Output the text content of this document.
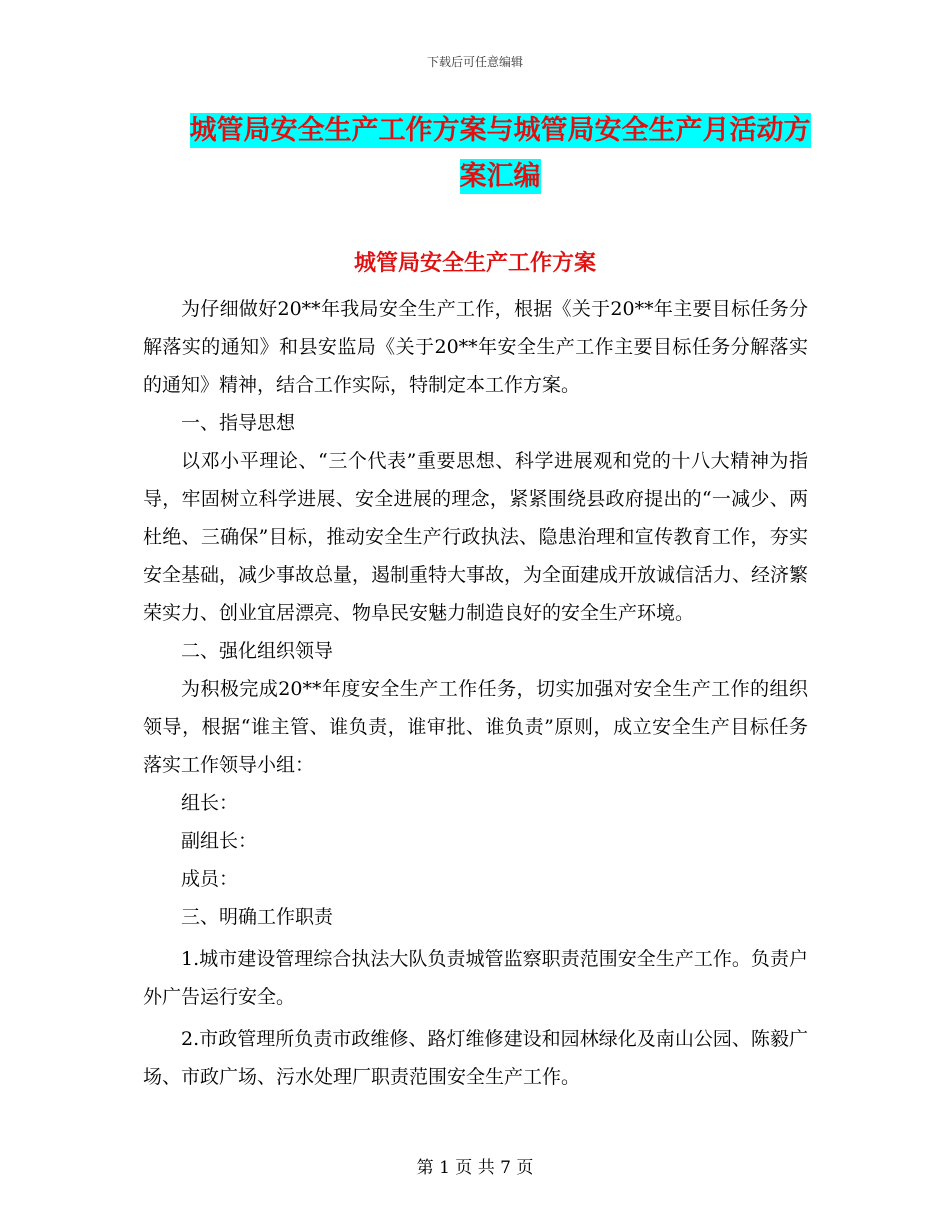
下载后可任意编辑
城管局安全生产工作方案与城管局安全生产月活动方
案汇编
城管局安全生产工作方案

为仔细做好20**年我局安全生产工作，根据《关于20**年主要目标任务分解落实的通知》和县安监局《关于20**年安全生产工作主要目标任务分解落实的通知》精神，结合工作实际，特制定本工作方案。

一、指导思想

以邓小平理论、“三个代表”重要思想、科学进展观和党的十八大精神为指导，牢固树立科学进展、安全进展的理念，紧紧围绕县政府提出的“一减少、两杜绝、三确保”目标，推动安全生产行政执法、隐患治理和宣传教育工作，夯实安全基础，减少事故总量，遏制重特大事故，为全面建成开放诚信活力、经济繁荣实力、创业宜居漂亮、物阜民安魅力制造良好的安全生产环境。

二、强化组织领导

为积极完成20**年度安全生产工作任务，切实加强对安全生产工作的组织领导，根据“谁主管、谁负责，谁审批、谁负责”原则，成立安全生产目标任务落实工作领导小组：

组长：

副组长：

成员：

三、明确工作职责

1.城市建设管理综合执法大队负责城管监察职责范围安全生产工作。负责户外广告运行安全。

2.市政管理所负责市政维修、路灯维修建设和园林绿化及南山公园、陈毅广场、市政广场、污水处理厂职责范围安全生产工作。

第 1 页 共 7 页
